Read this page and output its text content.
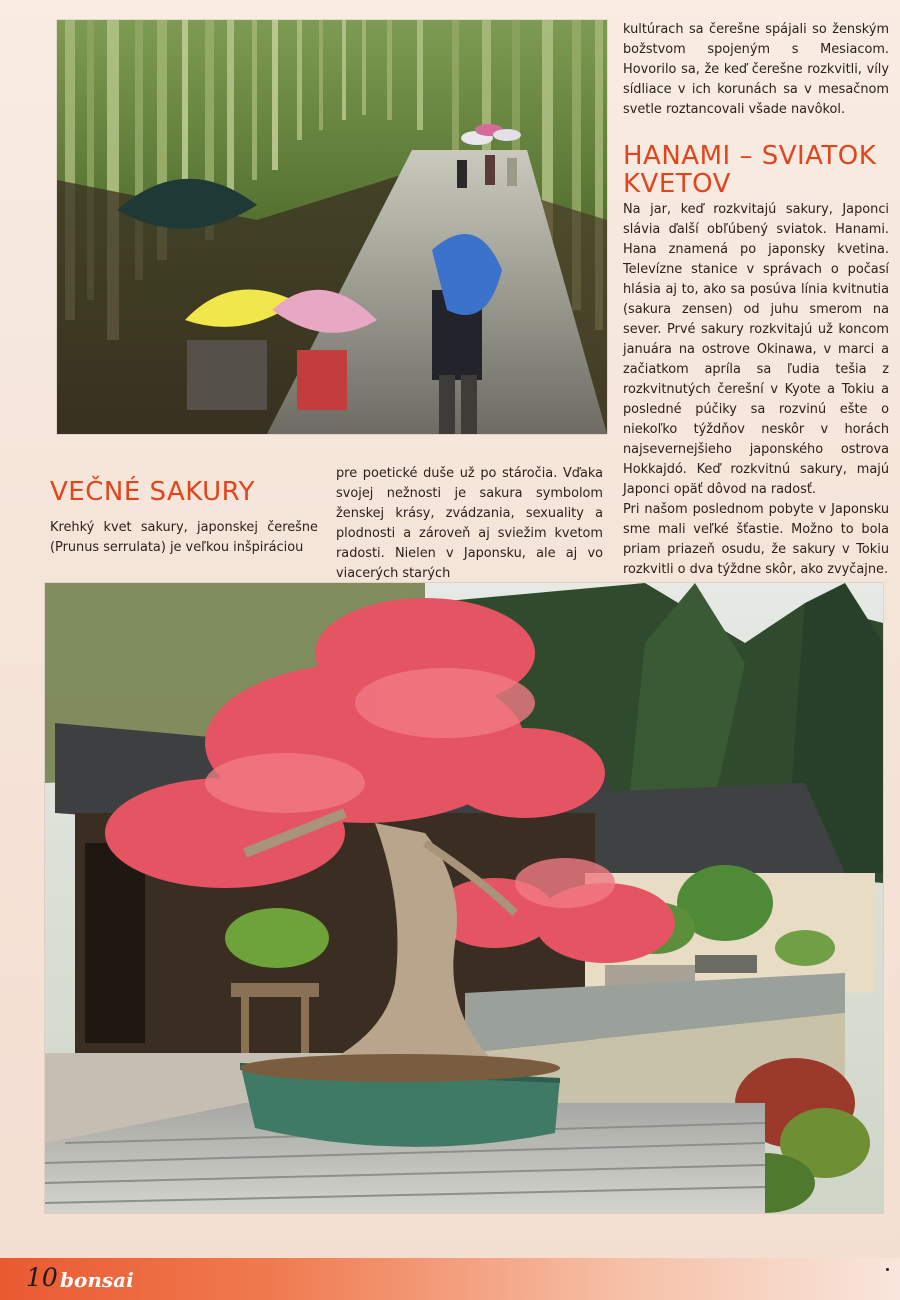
kultúrach sa čerešne spájali so ženským božstvom spojeným s Mesiacom. Hovorilo sa, že keď čerešne rozkvitli, víly sídliace v ich korunách sa v mesačnom svetle roztancovali všade navôkol.

HANAMI – SVIATOK KVETOV

Na jar, keď rozkvitajú sakury, Japonci slávia ďalší obľúbený sviatok. Hanami. Hana znamená po japonsky kvetina. Televízne stanice v správach o počasí hlásia aj to, ako sa posúva línia kvitnutia (sakura zensen) od juhu smerom na sever. Prvé sakury rozkvitajú už koncom januára na ostrove Okinawa, v marci a začiatkom apríla sa ľudia tešia z rozkvitnutých čerešní v Kyote a Tokiu a posledné púčiky sa rozvinú ešte o niekoľko týždňov neskôr v horách najsevernejšieho japonského ostrova Hokkajdó. Keď rozkvitnú sakury, majú Japonci opäť dôvod na radosť.

Pri našom poslednom pobyte v Japonsku sme mali veľké šťastie. Možno to bola priam priazeň osudu, že sakury v Tokiu rozkvitli o dva týždne skôr, ako zvyčajne.

VEČNÉ SAKURY

Krehký kvet sakury, japonskej čerešne (Prunus serrulata) je veľkou inšpiráciou

pre poetické duše už po stáročia. Vďaka svojej nežnosti je sakura symbolom ženskej krásy, zvádzania, sexuality a plodnosti a zároveň aj sviežim kvetom radosti. Nielen v Japonsku, ale aj vo viacerých starých

10 bonsai
